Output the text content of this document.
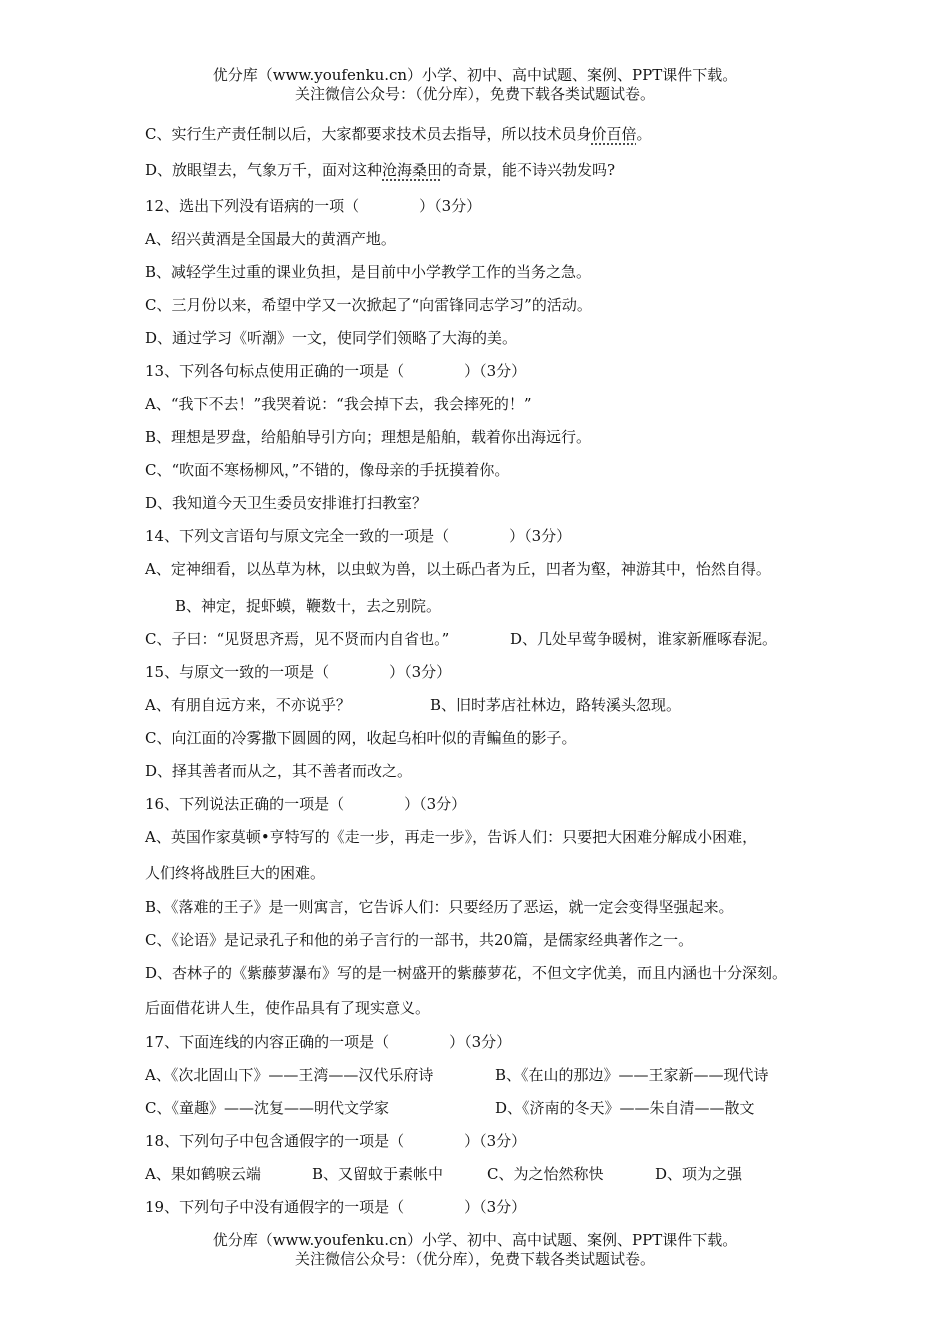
优分库（www.youfenku.cn）小学、初中、高中试题、案例、PPT课件下载。
关注微信公众号：（优分库），免费下载各类试题试卷。
C、实行生产责任制以后，大家都要求技术员去指导，所以技术员身价百倍。
D、放眼望去，气象万千，面对这种沧海桑田的奇景，能不诗兴勃发吗?
12、选出下列没有语病的一项（　　　　）（3分）
A、绍兴黄酒是全国最大的黄酒产地。
B、减轻学生过重的课业负担，是目前中小学教学工作的当务之急。
C、三月份以来，希望中学又一次掀起了“向雷锋同志学习”的活动。
D、通过学习《听潮》一文，使同学们领略了大海的美。
13、下列各句标点使用正确的一项是（　　　　）（3分）
A、“我下不去！”我哭着说：“我会掉下去，我会摔死的！”
B、理想是罗盘，给船舶导引方向；理想是船舶，载着你出海远行。
C、“吹面不寒杨柳风，”不错的，像母亲的手抚摸着你。
D、我知道今天卫生委员安排谁打扫教室？
14、下列文言语句与原文完全一致的一项是（　　　　）（3分）
A、定神细看，以丛草为林，以虫蚁为兽，以土砾凸者为丘，凹者为壑，神游其中，怡然自得。
B、神定，捉虾蟆，鞭数十，去之别院。
C、子曰：“见贤思齐焉，见不贤而内自省也。”	D、几处早莺争暖树，谁家新雁啄春泥。
15、与原文一致的一项是（　　　　）（3分）
A、有朋自远方来，不亦说乎？	B、旧时茅店社林边，路转溪头忽现。
C、向江面的冷雾撒下圆圆的网，收起乌桕叶似的青鳊鱼的影子。
D、择其善者而从之，其不善者而改之。
16、下列说法正确的一项是（　　　　）（3分）
A、英国作家莫顿•亨特写的《走一步，再走一步》，告诉人们：只要把大困难分解成小困难，
人们终将战胜巨大的困难。
B、《落难的王子》是一则寓言，它告诉人们：只要经历了恶运，就一定会变得坚强起来。
C、《论语》是记录孔子和他的弟子言行的一部书，共20篇，是儒家经典著作之一。
D、杏林子的《紫藤萝瀑布》写的是一树盛开的紫藤萝花，不但文字优美，而且内涵也十分深刻。
后面借花讲人生，使作品具有了现实意义。
17、下面连线的内容正确的一项是（　　　　）（3分）
A、《次北固山下》——王湾——汉代乐府诗	B、《在山的那边》——王家新——现代诗
C、《童趣》——沈复——明代文学家	D、《济南的冬天》——朱自清——散文
18、下列句子中包含通假字的一项是（　　　　）（3分）
A、果如鹤唳云端	B、又留蚊于素帐中	C、为之怡然称快	D、项为之强
19、下列句子中没有通假字的一项是（　　　　）（3分）
优分库（www.youfenku.cn）小学、初中、高中试题、案例、PPT课件下载。
关注微信公众号：（优分库），免费下载各类试题试卷。
